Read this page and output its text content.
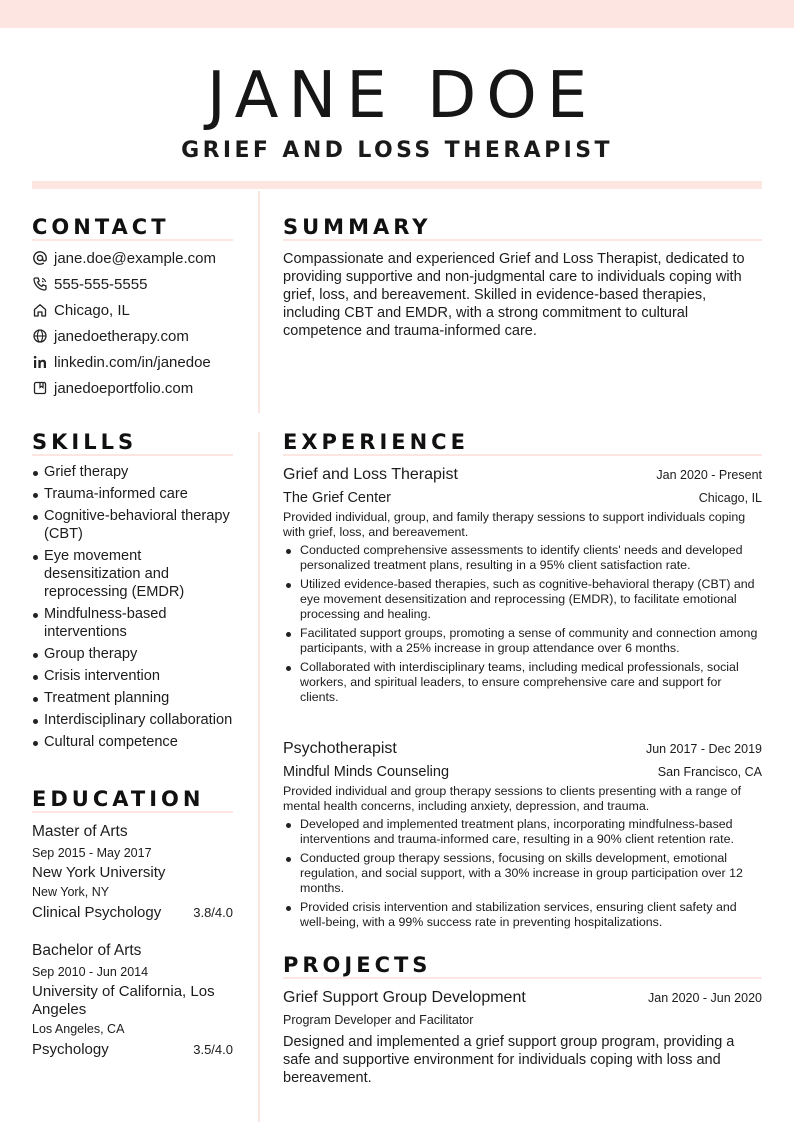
JANE DOE
GRIEF AND LOSS THERAPIST
CONTACT
jane.doe@example.com
555-555-5555
Chicago, IL
janedoetherapy.com
linkedin.com/in/janedoe
janedoeportfolio.com
SKILLS
Grief therapy
Trauma-informed care
Cognitive-behavioral therapy (CBT)
Eye movement desensitization and reprocessing (EMDR)
Mindfulness-based interventions
Group therapy
Crisis intervention
Treatment planning
Interdisciplinary collaboration
Cultural competence
EDUCATION
Master of Arts
Sep 2015 - May 2017
New York University
New York, NY
Clinical Psychology 3.8/4.0
Bachelor of Arts
Sep 2010 - Jun 2014
University of California, Los Angeles
Los Angeles, CA
Psychology	3.5/4.0
SUMMARY

Compassionate and experienced Grief and Loss Therapist, dedicated to providing supportive and non-judgmental care to individuals coping with grief, loss, and bereavement. Skilled in evidence-based therapies, including CBT and EMDR, with a strong commitment to cultural competence and trauma-informed care.

EXPERIENCE
Grief and Loss Therapist	Jan 2020 - Present
The Grief Center	Chicago, IL

Provided individual, group, and family therapy sessions to support individuals coping with grief, loss, and bereavement.

Conducted comprehensive assessments to identify clients' needs and developed personalized treatment plans, resulting in a 95% client satisfaction rate.
Utilized evidence-based therapies, such as cognitive-behavioral therapy (CBT) and eye movement desensitization and reprocessing (EMDR), to facilitate emotional processing and healing.
Facilitated support groups, promoting a sense of community and connection among participants, with a 25% increase in group attendance over 6 months.
Collaborated with interdisciplinary teams, including medical professionals, social workers, and spiritual leaders, to ensure comprehensive care and support for clients.
Psychotherapist	Jun 2017 - Dec 2019
Mindful Minds Counseling	San Francisco, CA

Provided individual and group therapy sessions to clients presenting with a range of mental health concerns, including anxiety, depression, and trauma.

Developed and implemented treatment plans, incorporating mindfulness-based interventions and trauma-informed care, resulting in a 90% client retention rate.
Conducted group therapy sessions, focusing on skills development, emotional regulation, and social support, with a 30% increase in group participation over 12 months.
Provided crisis intervention and stabilization services, ensuring client safety and well-being, with a 99% success rate in preventing hospitalizations.
PROJECTS
Grief Support Group Development	Jan 2020 - Jun 2020
Program Developer and Facilitator
Designed and implemented a grief support group program, providing a safe and supportive environment for individuals coping with loss and bereavement.
